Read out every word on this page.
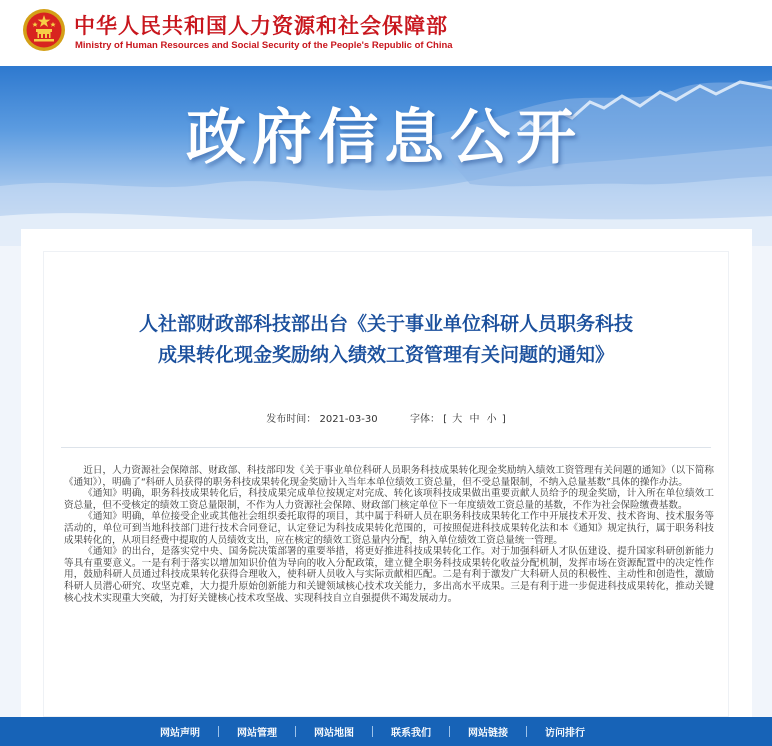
中华人民共和国人力资源和社会保障部
Ministry of Human Resources and Social Security of the People's Republic of China
政府信息公开
人社部财政部科技部出台《关于事业单位科研人员职务科技
成果转化现金奖励纳入绩效工资管理有关问题的通知》
发布时间： 2021-03-30	字体： [ 大 中 小 ]

近日，人力资源社会保障部、财政部、科技部印发《关于事业单位科研人员职务科技成果转化现金奖励纳入绩效工资管理有关问题的通知》（以下简称《通知》），明确了“科研人员获得的职务科技成果转化现金奖励计入当年本单位绩效工资总量，但不受总量限制，不纳入总量基数”具体的操作办法。

《通知》明确，职务科技成果转化后，科技成果完成单位按规定对完成、转化该项科技成果做出重要贡献人员给予的现金奖励，计入所在单位绩效工资总量，但不受核定的绩效工资总量限制，不作为人力资源社会保障、财政部门核定单位下一年度绩效工资总量的基数，不作为社会保险缴费基数。

《通知》明确，单位接受企业或其他社会组织委托取得的项目，其中属于科研人员在职务科技成果转化工作中开展技术开发、技术咨询、技术服务等活动的，单位可到当地科技部门进行技术合同登记，认定登记为科技成果转化范围的，可按照促进科技成果转化法和本《通知》规定执行，属于职务科技成果转化的，从项目经费中提取的人员绩效支出，应在核定的绩效工资总量内分配，纳入单位绩效工资总量统一管理。

《通知》的出台，是落实党中央、国务院决策部署的重要举措，将更好推进科技成果转化工作。对于加强科研人才队伍建设、提升国家科研创新能力等具有重要意义。一是有利于落实以增加知识价值为导向的收入分配政策，建立健全职务科技成果转化收益分配机制，发挥市场在资源配置中的决定性作用，鼓励科研人员通过科技成果转化获得合理收入，使科研人员收入与实际贡献相匹配。二是有利于激发广大科研人员的积极性、主动性和创造性，激励科研人员潜心研究、攻坚克难，大力提升原始创新能力和关键领域核心技术攻关能力，多出高水平成果。三是有利于进一步促进科技成果转化，推动关键核心技术实现重大突破，为打好关键核心技术攻坚战、实现科技自立自强提供不竭发展动力。

网站声明	网站管理	网站地图	联系我们	网站链接	访问排行
